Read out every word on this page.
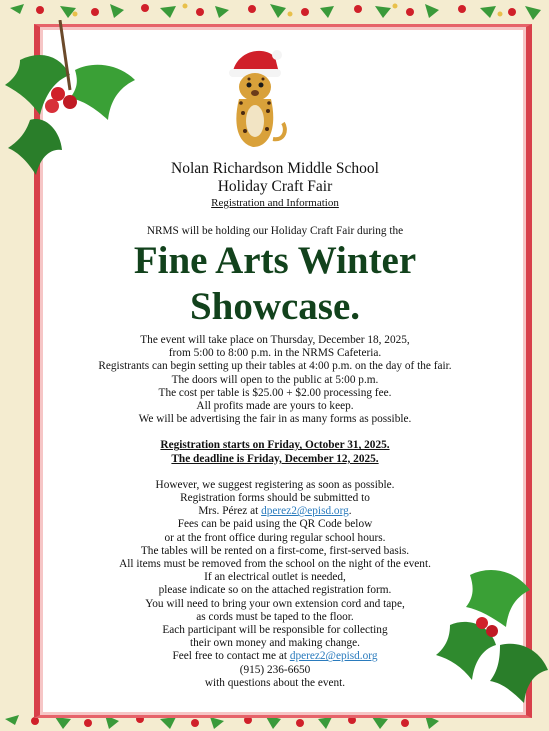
Nolan Richardson Middle School
Holiday Craft Fair
Registration and Information
NRMS will be holding our Holiday Craft Fair during the
Fine Arts Winter
Showcase.

The event will take place on Thursday, December 18, 2025,

from 5:00 to 8:00 p.m. in the NRMS Cafeteria.

Registrants can begin setting up their tables at 4:00 p.m. on the day of the fair.

The doors will open to the public at 5:00 p.m.

The cost per table is $25.00 + $2.00 processing fee.

All profits made are yours to keep.

We will be advertising the fair in as many forms as possible.

Registration starts on Friday, October 31, 2025.

The deadline is Friday, December 12, 2025.

However, we suggest registering as soon as possible.

Registration forms should be submitted to

Mrs. Pérez at dperez2@episd.org.

Fees can be paid using the QR Code below

or at the front office during regular school hours.

The tables will be rented on a first-come, first-served basis.

All items must be removed from the school on the night of the event.

If an electrical outlet is needed,

please indicate so on the attached registration form.

You will need to bring your own extension cord and tape,

as cords must be taped to the floor.

Each participant will be responsible for collecting

their own money and making change.

Feel free to contact me at dperez2@episd.org

(915) 236-6650

with questions about the event.
